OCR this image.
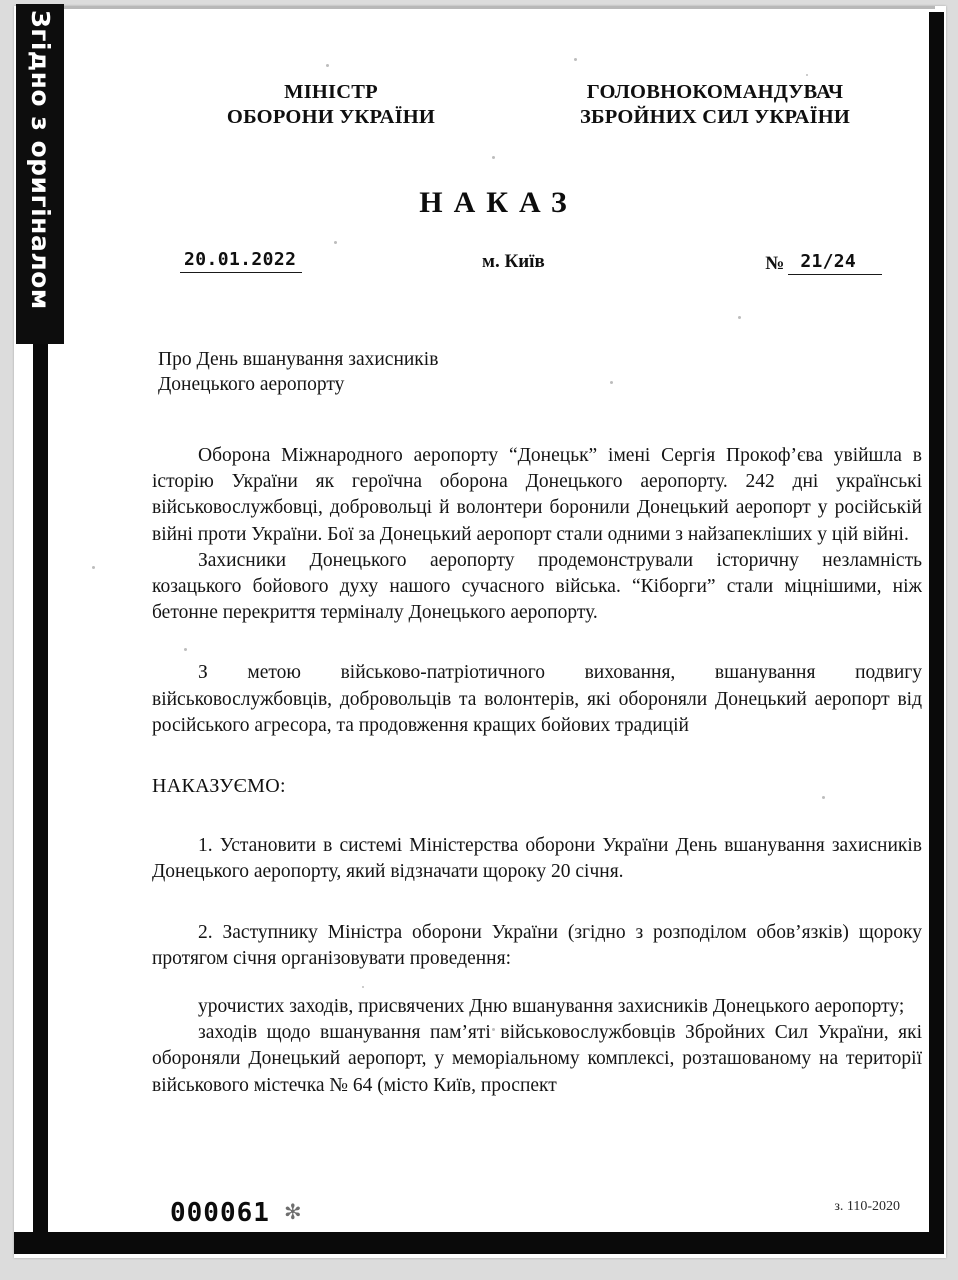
Згідно з оригіналом	МІНІСТР
ОБОРОНИ УКРАЇНИ
ГОЛОВНОКОМАНДУВАЧ
ЗБРОЙНИХ СИЛ УКРАЇНИ
НАКАЗ
20.01.2022	м. Київ	№ 21/24
Про День вшанування захисників
Донецького аеропорту

Оборона Міжнародного аеропорту “Донецьк” імені Сергія Прокоф’єва увійшла в історію України як героїчна оборона Донецького аеропорту. 242 дні українські військовослужбовці, добровольці й волонтери боронили Донецький аеропорт у російській війні проти України. Бої за Донецький аеропорт стали одними з найзапекліших у цій війні.

Захисники Донецького аеропорту продемонстрували історичну незламність козацького бойового духу нашого сучасного війська. “Кіборги” стали міцнішими, ніж бетонне перекриття термiналу Донецького аеропорту.

З метою військово-патріотичного виховання, вшанування подвигу військовослужбовців, добровольців та волонтерів, які обороняли Донецький аеропорт від російського агресора, та продовження кращих бойових традицій

НАКАЗУЄМО:

1. Установити в системі Міністерства оборони України День вшанування захисників Донецького аеропорту, який відзначати щороку 20 січня.

2. Заступнику Міністра оборони України (згідно з розподілом обов’язків) щороку протягом січня організовувати проведення:

урочистих заходів, присвячених Дню вшанування захисників Донецького аеропорту;

заходів щодо вшанування пам’яті військовослужбовців Збройних Сил України, які обороняли Донецький аеропорт, у меморіальному комплексі, розташованому на території військового містечка № 64 (місто Київ, проспект

000061 ✻	з. 110-2020
